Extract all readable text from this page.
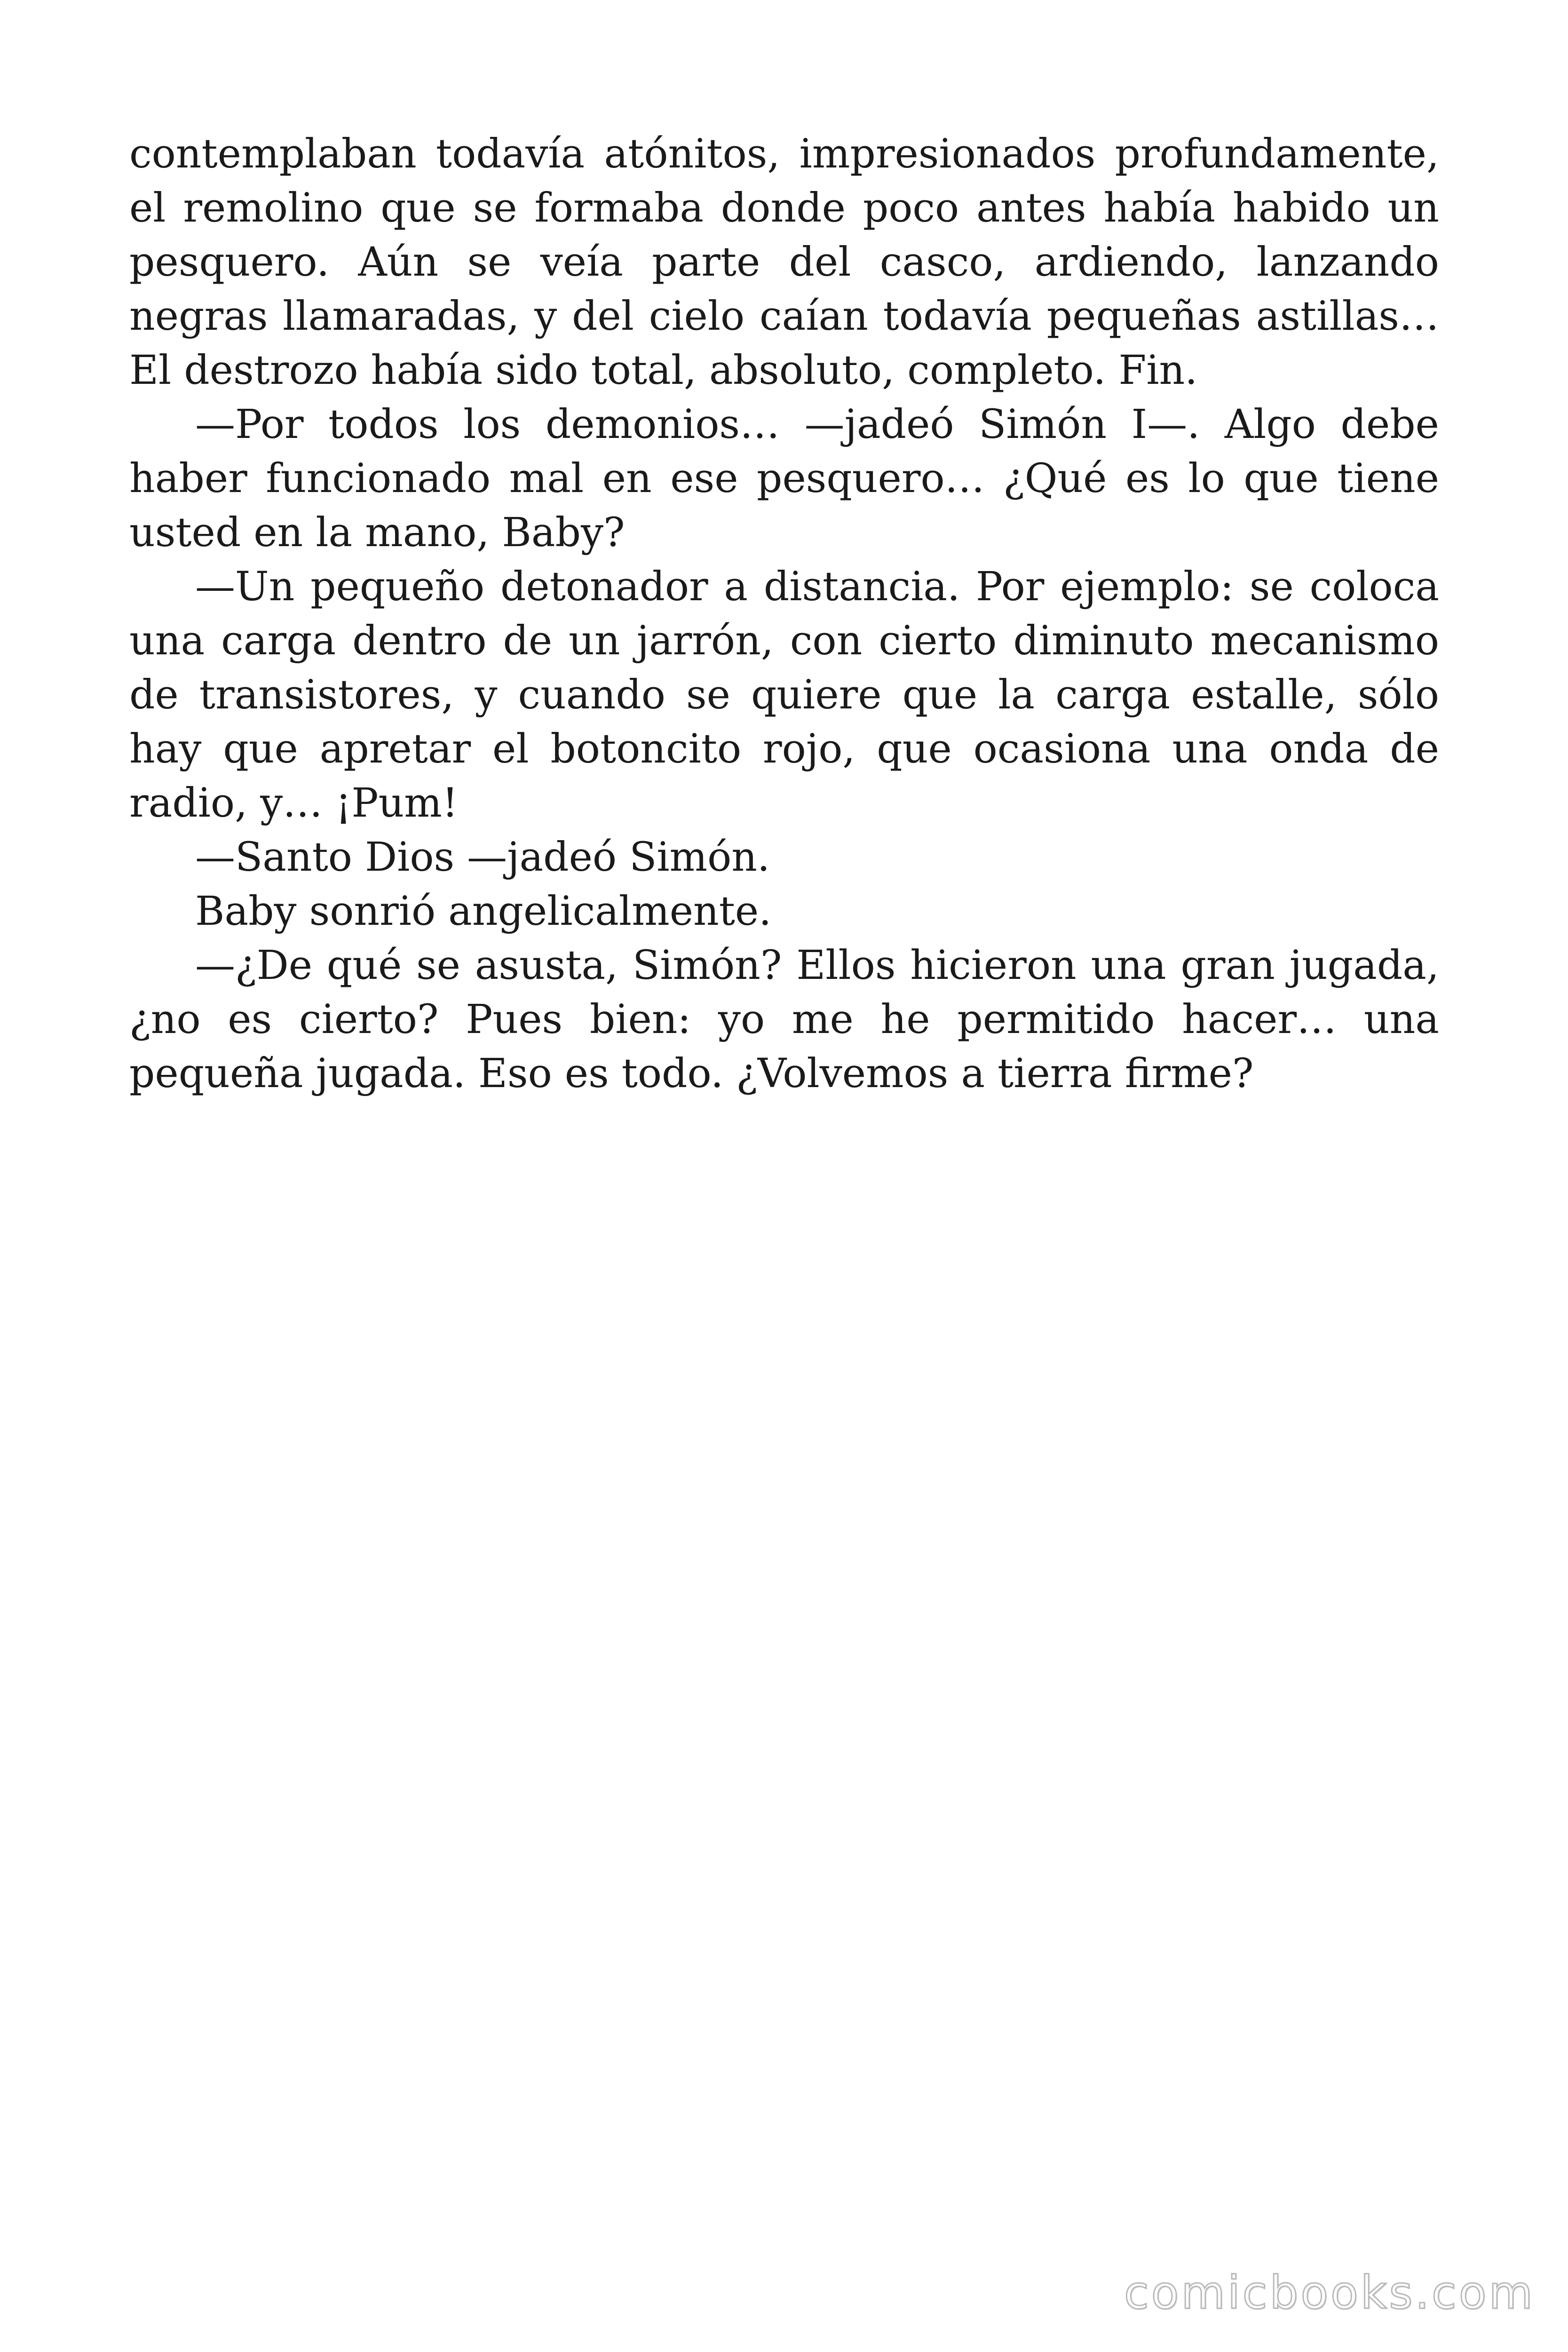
contemplaban todavía atónitos, impresionados profundamente, el remolino que se formaba donde poco antes había habido un pesquero. Aún se veía parte del casco, ardiendo, lanzando negras llamaradas, y del cielo caían todavía pequeñas astillas… El destrozo había sido total, absoluto, completo. Fin.

—Por todos los demonios… —jadeó Simón I—. Algo debe haber funcionado mal en ese pesquero… ¿Qué es lo que tiene usted en la mano, Baby?

—Un pequeño detonador a distancia. Por ejemplo: se coloca una carga dentro de un jarrón, con cierto diminuto mecanismo de transistores, y cuando se quiere que la carga estalle, sólo hay que apretar el botoncito rojo, que ocasiona una onda de radio, y… ¡Pum!

—Santo Dios —jadeó Simón.

Baby sonrió angelicalmente.

—¿De qué se asusta, Simón? Ellos hicieron una gran jugada, ¿no es cierto? Pues bien: yo me he permitido hacer… una pequeña jugada. Eso es todo. ¿Volvemos a tierra firme?

comicbooks.com
